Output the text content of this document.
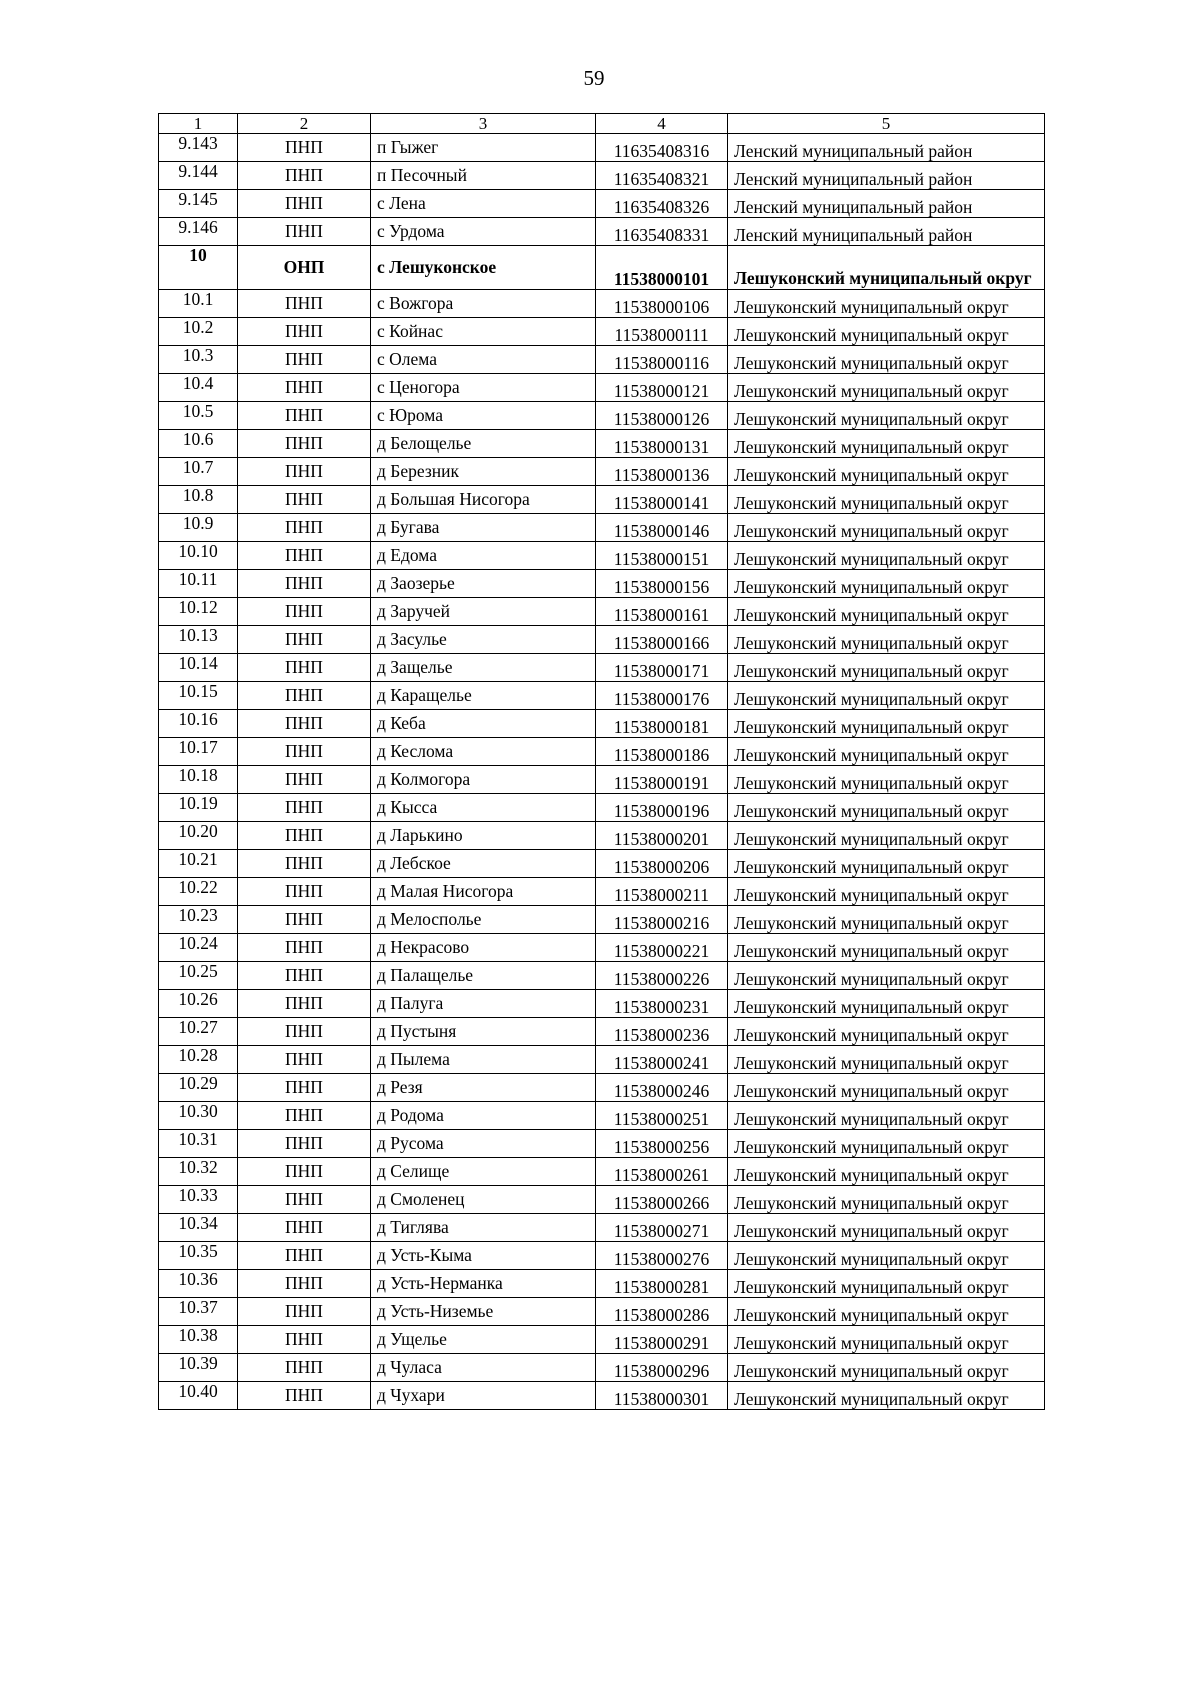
59
1	2	3	4	5
9.143	ПНП	п Гыжег	11635408316	Ленский муниципальный район
9.144	ПНП	п Песочный	11635408321	Ленский муниципальный район
9.145	ПНП	с Лена	11635408326	Ленский муниципальный район
9.146	ПНП	с Урдома	11635408331	Ленский муниципальный район
10	ОНП	с Лешуконское	11538000101	Лешуконский муниципальный округ
10.1	ПНП	с Вожгора	11538000106	Лешуконский муниципальный округ
10.2	ПНП	с Койнас	11538000111	Лешуконский муниципальный округ
10.3	ПНП	с Олема	11538000116	Лешуконский муниципальный округ
10.4	ПНП	с Ценогора	11538000121	Лешуконский муниципальный округ
10.5	ПНП	с Юрома	11538000126	Лешуконский муниципальный округ
10.6	ПНП	д Белощелье	11538000131	Лешуконский муниципальный округ
10.7	ПНП	д Березник	11538000136	Лешуконский муниципальный округ
10.8	ПНП	д Большая Нисогора	11538000141	Лешуконский муниципальный округ
10.9	ПНП	д Бугава	11538000146	Лешуконский муниципальный округ
10.10	ПНП	д Едома	11538000151	Лешуконский муниципальный округ
10.11	ПНП	д Заозерье	11538000156	Лешуконский муниципальный округ
10.12	ПНП	д Заручей	11538000161	Лешуконский муниципальный округ
10.13	ПНП	д Засулье	11538000166	Лешуконский муниципальный округ
10.14	ПНП	д Защелье	11538000171	Лешуконский муниципальный округ
10.15	ПНП	д Каращелье	11538000176	Лешуконский муниципальный округ
10.16	ПНП	д Кеба	11538000181	Лешуконский муниципальный округ
10.17	ПНП	д Кеслома	11538000186	Лешуконский муниципальный округ
10.18	ПНП	д Колмогора	11538000191	Лешуконский муниципальный округ
10.19	ПНП	д Кысса	11538000196	Лешуконский муниципальный округ
10.20	ПНП	д Ларькино	11538000201	Лешуконский муниципальный округ
10.21	ПНП	д Лебское	11538000206	Лешуконский муниципальный округ
10.22	ПНП	д Малая Нисогора	11538000211	Лешуконский муниципальный округ
10.23	ПНП	д Мелосполье	11538000216	Лешуконский муниципальный округ
10.24	ПНП	д Некрасово	11538000221	Лешуконский муниципальный округ
10.25	ПНП	д Палащелье	11538000226	Лешуконский муниципальный округ
10.26	ПНП	д Палуга	11538000231	Лешуконский муниципальный округ
10.27	ПНП	д Пустыня	11538000236	Лешуконский муниципальный округ
10.28	ПНП	д Пылема	11538000241	Лешуконский муниципальный округ
10.29	ПНП	д Резя	11538000246	Лешуконский муниципальный округ
10.30	ПНП	д Родома	11538000251	Лешуконский муниципальный округ
10.31	ПНП	д Русома	11538000256	Лешуконский муниципальный округ
10.32	ПНП	д Селище	11538000261	Лешуконский муниципальный округ
10.33	ПНП	д Смоленец	11538000266	Лешуконский муниципальный округ
10.34	ПНП	д Тиглява	11538000271	Лешуконский муниципальный округ
10.35	ПНП	д Усть-Кыма	11538000276	Лешуконский муниципальный округ
10.36	ПНП	д Усть-Нерманка	11538000281	Лешуконский муниципальный округ
10.37	ПНП	д Усть-Низемье	11538000286	Лешуконский муниципальный округ
10.38	ПНП	д Ущелье	11538000291	Лешуконский муниципальный округ
10.39	ПНП	д Чуласа	11538000296	Лешуконский муниципальный округ
10.40	ПНП	д Чухари	11538000301	Лешуконский муниципальный округ
